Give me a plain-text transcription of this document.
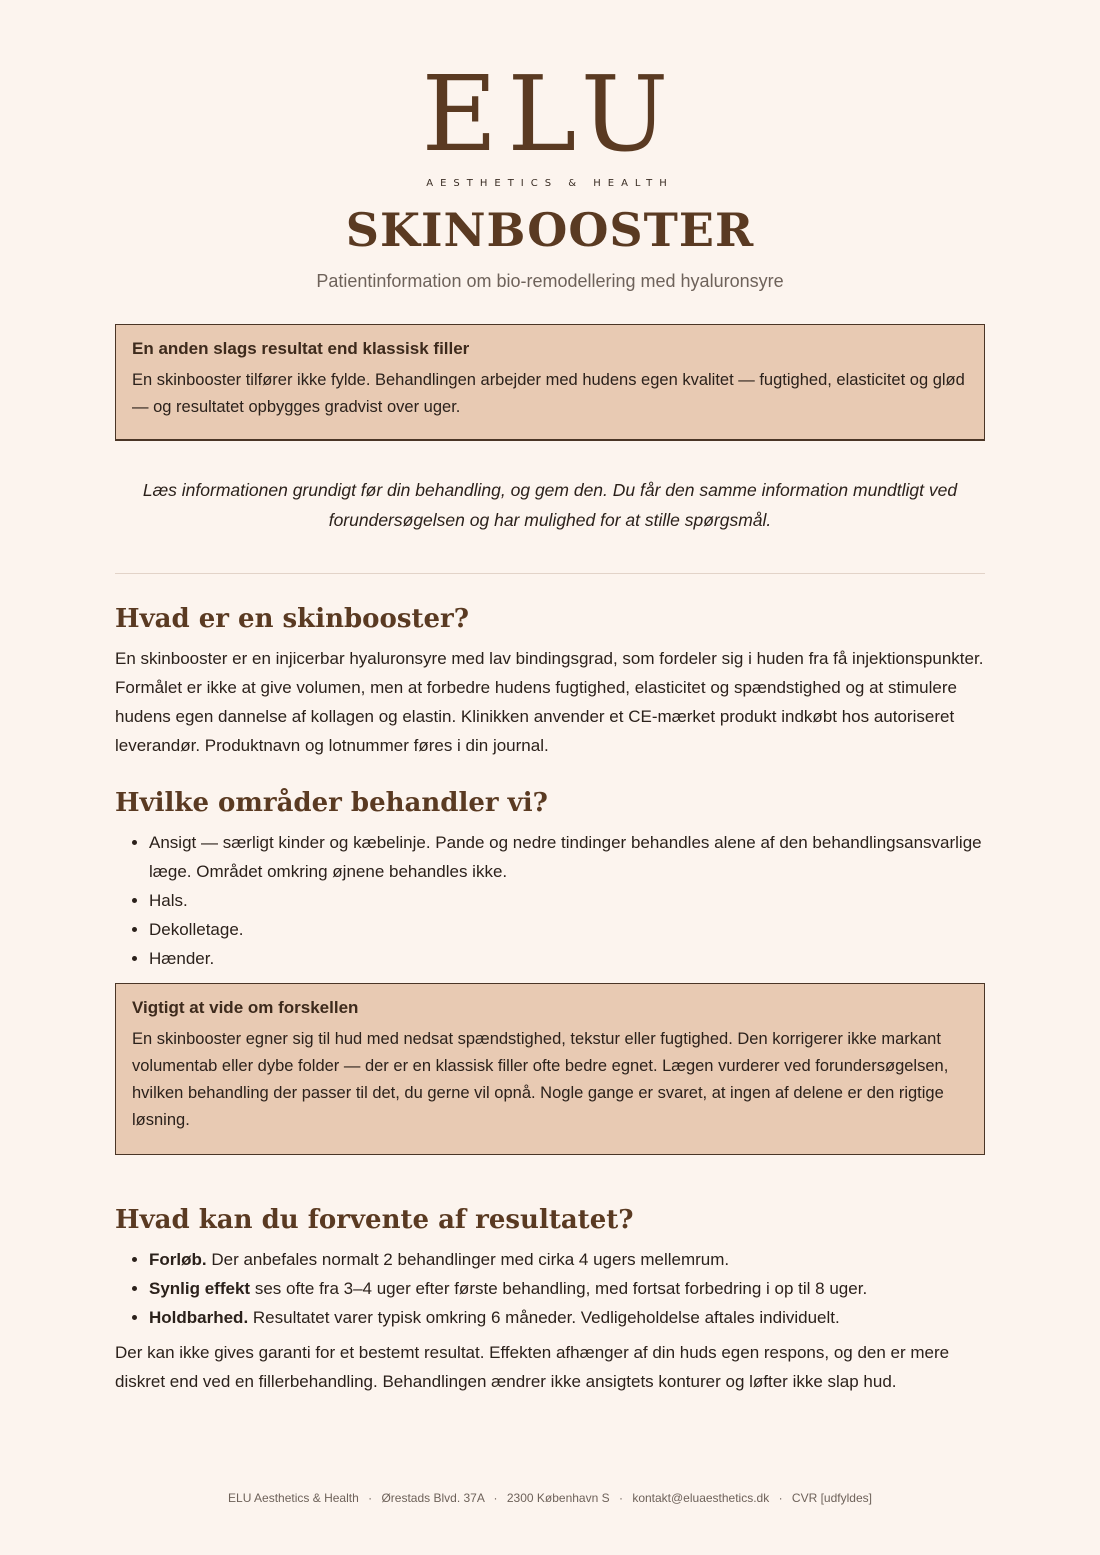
ELU
AESTHETICS & HEALTH
SKINBOOSTER
Patientinformation om bio-remodellering med hyaluronsyre
En anden slags resultat end klassisk filler
En skinbooster tilfører ikke fylde. Behandlingen arbejder med hudens egen kvalitet — fugtighed, elasticitet og glød — og resultatet opbygges gradvist over uger.
Læs informationen grundigt før din behandling, og gem den. Du får den samme information mundtligt ved forundersøgelsen og har mulighed for at stille spørgsmål.
Hvad er en skinbooster?

En skinbooster er en injicerbar hyaluronsyre med lav bindingsgrad, som fordeler sig i huden fra få injektionspunkter. Formålet er ikke at give volumen, men at forbedre hudens fugtighed, elasticitet og spændstighed og at stimulere hudens egen dannelse af kollagen og elastin. Klinikken anvender et CE-mærket produkt indkøbt hos autoriseret leverandør. Produktnavn og lotnummer føres i din journal.

Hvilke områder behandler vi?
• Ansigt — særligt kinder og kæbelinje. Pande og nedre tindinger behandles alene af den behandlingsansvarlige læge. Området omkring øjnene behandles ikke.
• Hals.
• Dekolletage.
• Hænder.
Vigtigt at vide om forskellen
En skinbooster egner sig til hud med nedsat spændstighed, tekstur eller fugtighed. Den korrigerer ikke markant volumentab eller dybe folder — der er en klassisk filler ofte bedre egnet. Lægen vurderer ved forundersøgelsen, hvilken behandling der passer til det, du gerne vil opnå. Nogle gange er svaret, at ingen af delene er den rigtige løsning.
Hvad kan du forvente af resultatet?
• Forløb. Der anbefales normalt 2 behandlinger med cirka 4 ugers mellemrum.
• Synlig effekt ses ofte fra 3–4 uger efter første behandling, med fortsat forbedring i op til 8 uger.
• Holdbarhed. Resultatet varer typisk omkring 6 måneder. Vedligeholdelse aftales individuelt.

Der kan ikke gives garanti for et bestemt resultat. Effekten afhænger af din huds egen respons, og den er mere diskret end ved en fillerbehandling. Behandlingen ændrer ikke ansigtets konturer og løfter ikke slap hud.

ELU Aesthetics & Health · Ørestads Blvd. 37A · 2300 København S · kontakt@eluaesthetics.dk · CVR [udfyldes]
